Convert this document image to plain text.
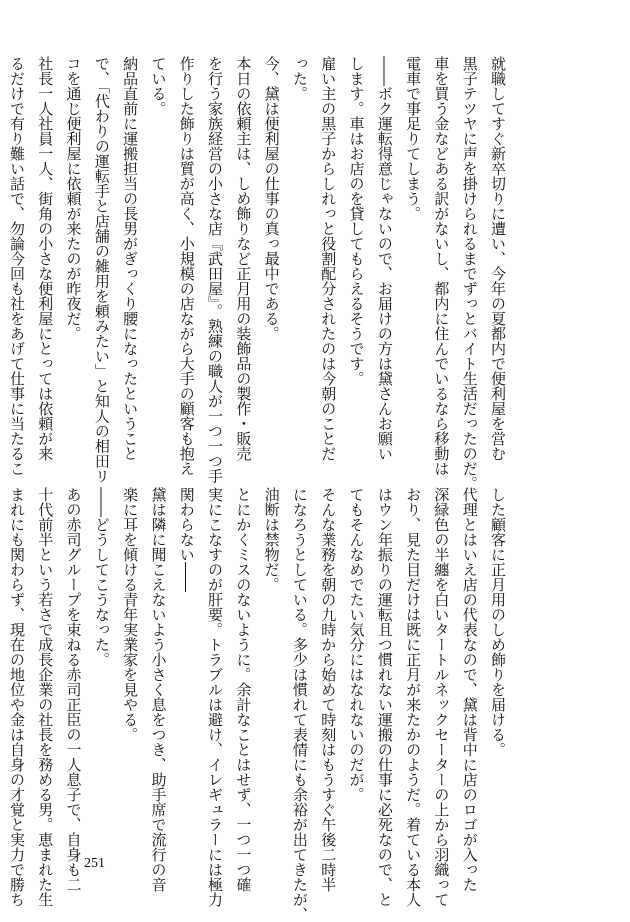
就職してすぐ新卒切りに遭い、今年の夏都内で便利屋を営む

黒子テツヤに声を掛けられるまでずっとバイト生活だったのだ。

車を買う金などある訳がないし、都内に住んでいるなら移動は

電車で事足りてしまう。

――ボク運転得意じゃないので、お届けの方は黛さんお願い

します。車はお店のを貸してもらえるそうです。

雇い主の黒子からしれっと役割配分されたのは今朝のことだ

った。

今、黛は便利屋の仕事の真っ最中である。

本日の依頼主は、しめ飾りなど正月用の装飾品の製作・販売

を行う家族経営の小さな店『武田屋』。熟練の職人が一つ一つ手

作りした飾りは質が高く、小規模の店ながら大手の顧客も抱え

ている。

納品直前に運搬担当の長男がぎっくり腰になったということ

で、「代わりの運転手と店舗の雑用を頼みたい」と知人の相田リ

コを通じ便利屋に依頼が来たのが昨夜だ。

社長一人社員一人、街角の小さな便利屋にとっては依頼が来

るだけで有り難い話で、勿論今回も社をあげて仕事に当たるこ

した顧客に正月用のしめ飾りを届ける。

代理とはいえ店の代表なので、黛は背中に店のロゴが入った

深緑色の半纏を白いタートルネックセーターの上から羽織って

おり、見た目だけは既に正月が来たかのようだ。着ている本人

はウン年振りの運転且つ慣れない運搬の仕事に必死なので、と

てもそんなめでたい気分にはなれないのだが。

そんな業務を朝の九時から始めて時刻はもうすぐ午後二時半

になろうとしている。多少は慣れて表情にも余裕が出てきたが、

油断は禁物だ。

とにかくミスのないように。余計なことはせず、一つ一つ確

実にこなすのが肝要。トラブルは避け、イレギュラーには極力

関わらない――

黛は隣に聞こえないよう小さく息をつき、助手席で流行の音

楽に耳を傾ける青年実業家を見やる。

――どうしてこうなった。

あの赤司グループを束ねる赤司正臣の一人息子で、自身も二

十代前半という若さで成長企業の社長を務める男。恵まれた生

まれにも関わらず、現在の地位や金は自身の才覚と実力で勝ち	251
